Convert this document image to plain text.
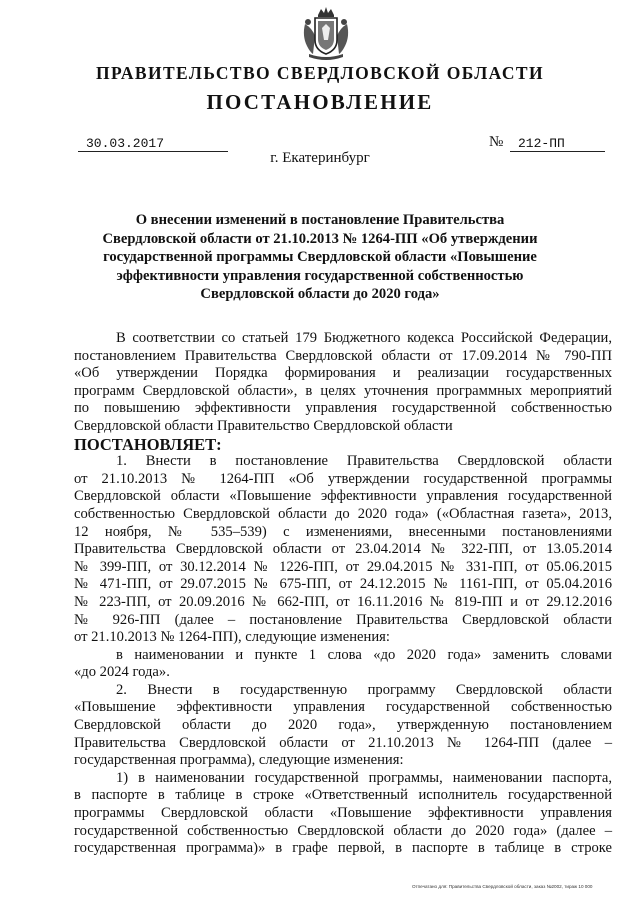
ПРАВИТЕЛЬСТВО СВЕРДЛОВСКОЙ ОБЛАСТИ
ПОСТАНОВЛЕНИЕ
30.03.2017	№	212-ПП
г. Екатеринбург
О внесении изменений в постановление Правительства
Свердловской области от 21.10.2013 № 1264-ПП «Об утверждении
государственной программы Свердловской области «Повышение
эффективности управления государственной собственностью
Свердловской области до 2020 года»
В соответствии со статьей 179 Бюджетного кодекса Российской Федерации,
постановлением Правительства Свердловской области от 17.09.2014 № 790-ПП
«Об утверждении Порядка формирования и реализации государственных
программ Свердловской области», в целях уточнения программных мероприятий
по повышению эффективности управления государственной собственностью
Свердловской области Правительство Свердловской области
ПОСТАНОВЛЯЕТ:
1. Внести в постановление Правительства Свердловской области
от 21.10.2013 № 1264-ПП «Об утверждении государственной программы
Свердловской области «Повышение эффективности управления государственной
собственностью Свердловской области до 2020 года» («Областная газета», 2013,
12 ноября, № 535–539) с изменениями, внесенными постановлениями
Правительства Свердловской области от 23.04.2014 № 322-ПП, от 13.05.2014
№ 399-ПП, от 30.12.2014 № 1226-ПП, от 29.04.2015 № 331-ПП, от 05.06.2015
№ 471-ПП, от 29.07.2015 № 675-ПП, от 24.12.2015 № 1161-ПП, от 05.04.2016
№ 223-ПП, от 20.09.2016 № 662-ПП, от 16.11.2016 № 819-ПП и от 29.12.2016
№ 926-ПП (далее – постановление Правительства Свердловской области
от 21.10.2013 № 1264-ПП), следующие изменения:
в наименовании и пункте 1 слова «до 2020 года» заменить словами
«до 2024 года».
2. Внести в государственную программу Свердловской области
«Повышение эффективности управления государственной собственностью
Свердловской области до 2020 года», утвержденную постановлением
Правительства Свердловской области от 21.10.2013 № 1264-ПП (далее –
государственная программа), следующие изменения:
1) в наименовании государственной программы, наименовании паспорта,
в паспорте в таблице в строке «Ответственный исполнитель государственной
программы Свердловской области «Повышение эффективности управления
государственной собственностью Свердловской области до 2020 года» (далее –
государственная программа)» в графе первой, в паспорте в таблице в строке
Отпечатано для: Правительства Свердловской области, заказ №2002, тираж 10 000
